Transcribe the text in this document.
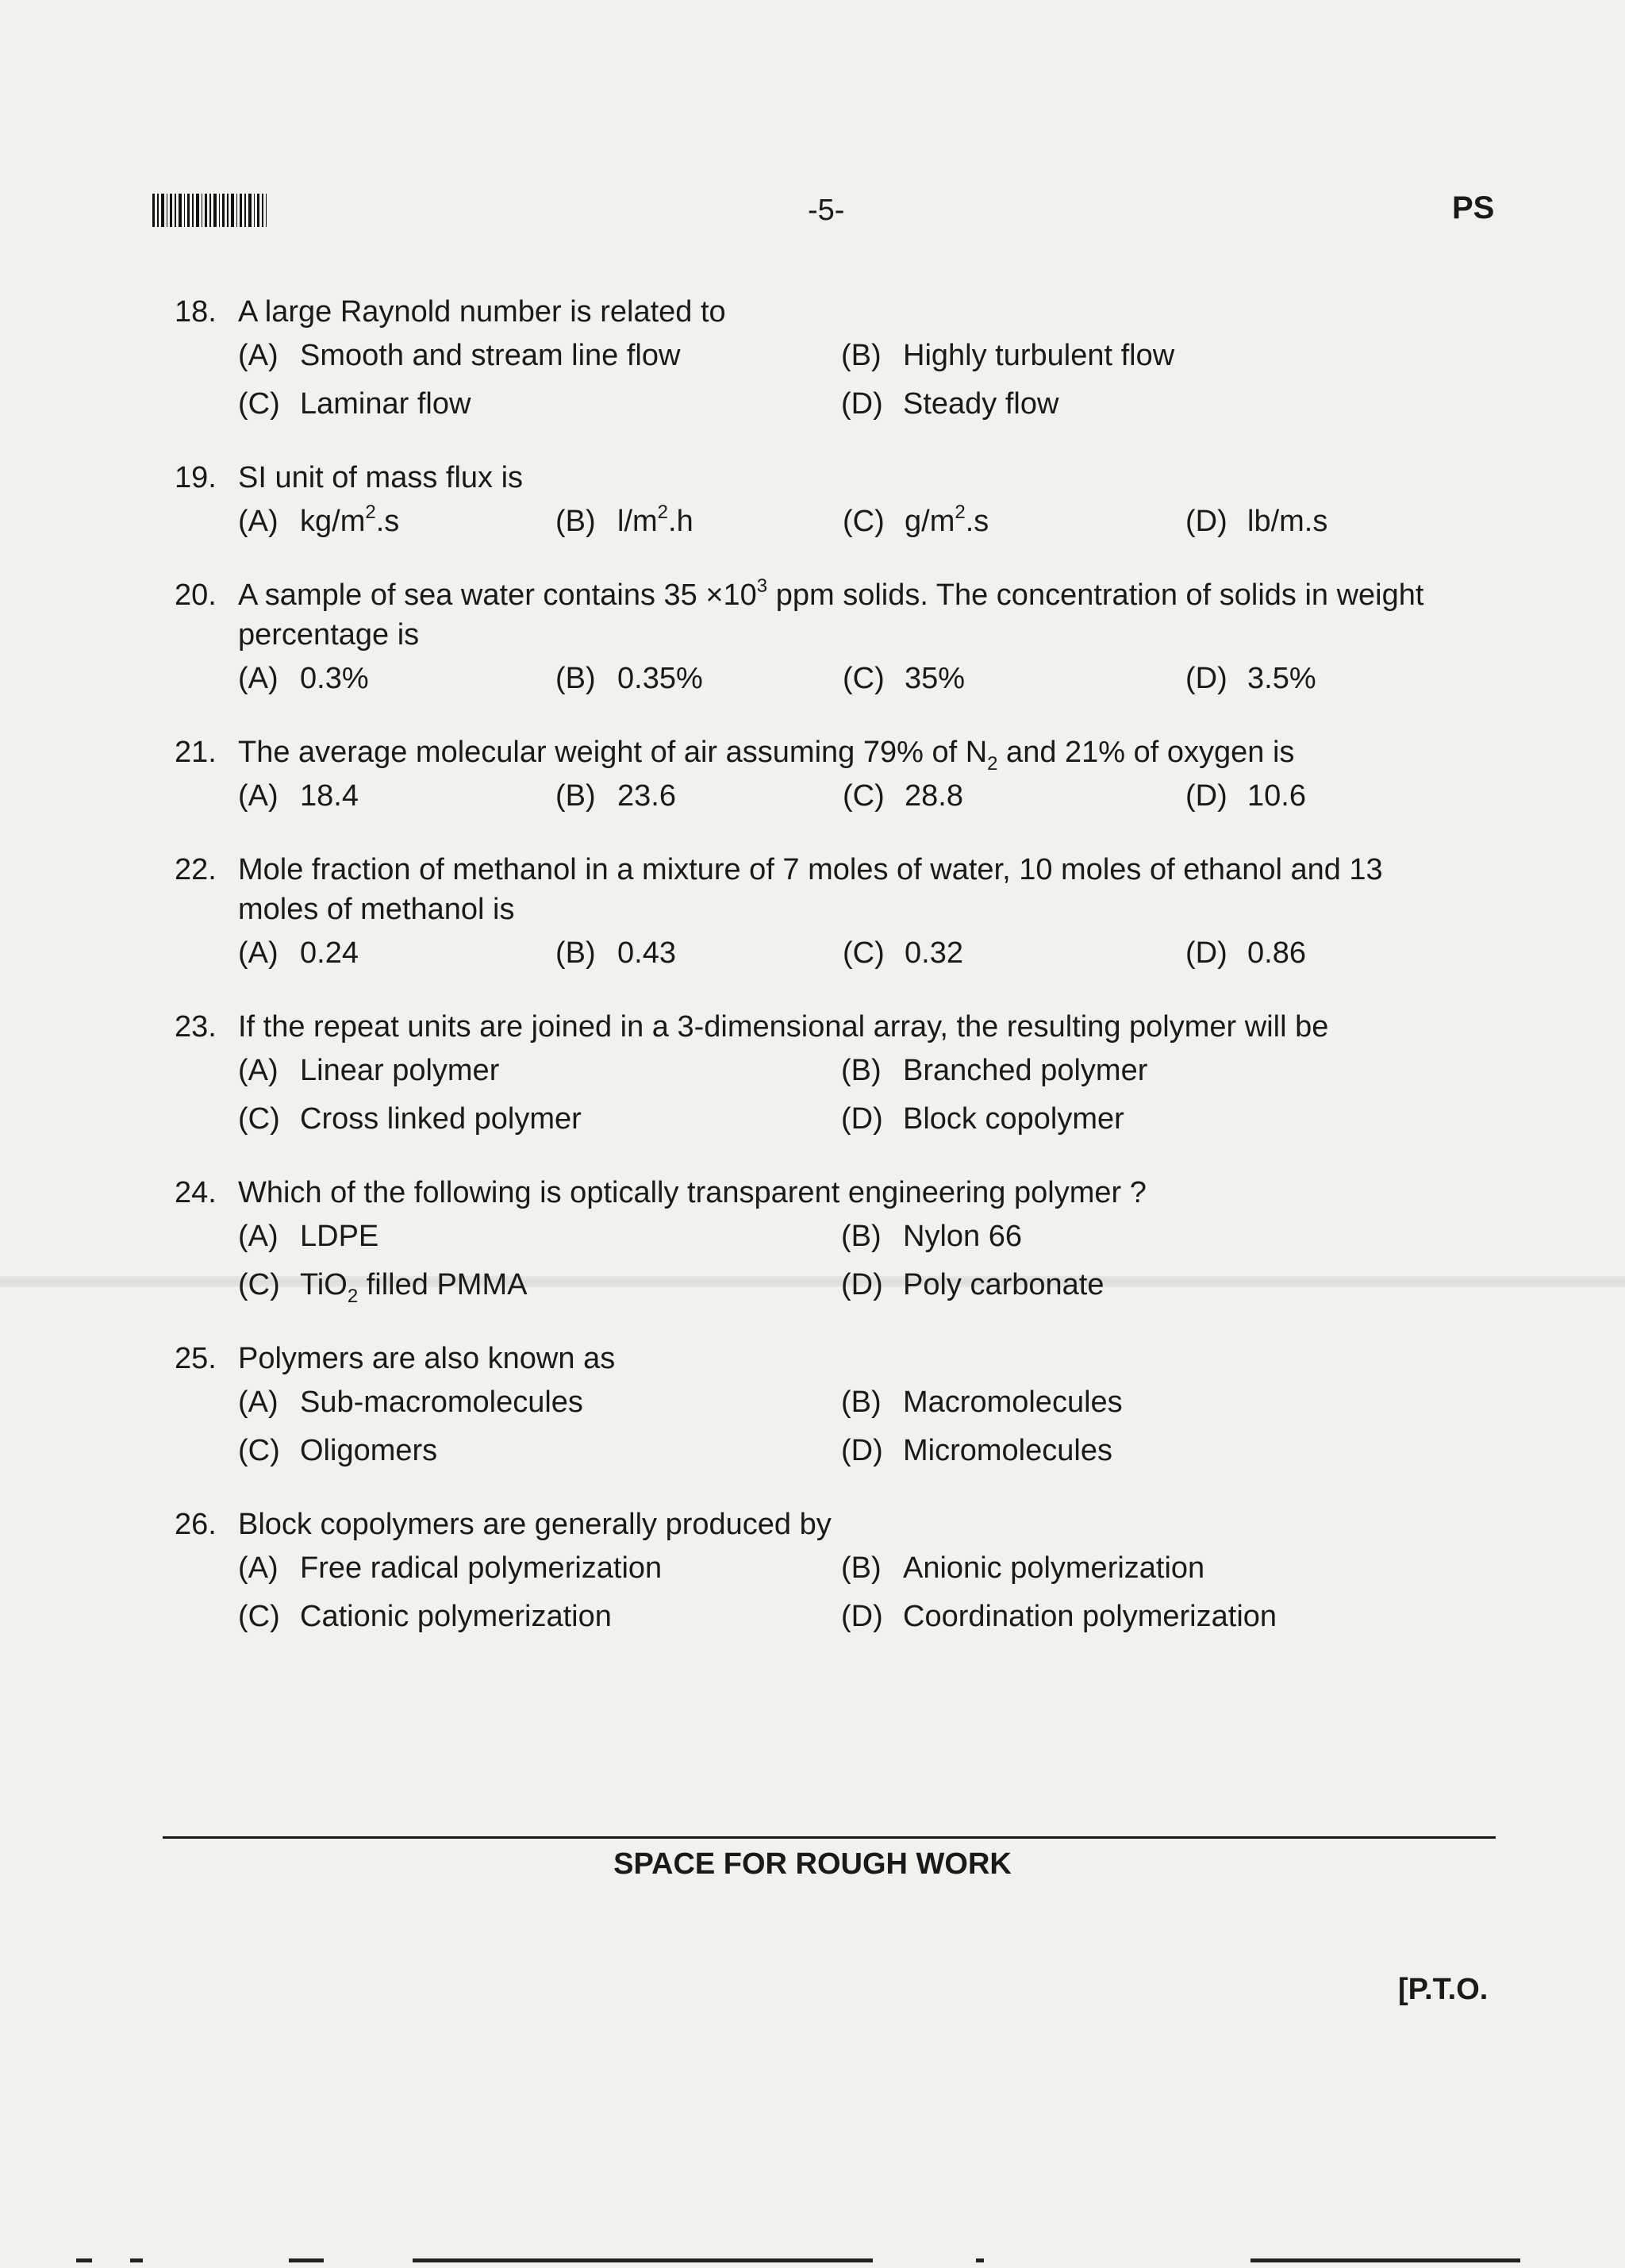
-5-	PS
18. A large Raynold number is related to
(A) Smooth and stream line flow	(B) Highly turbulent flow
(C) Laminar flow	(D) Steady flow
19. SI unit of mass flux is
(A) $kg/m^2.s$	(B) $l/m^2.h$	(C) $g/m^2.s$	(D) lb/m.s
20. A sample of sea water contains $35 \times 10^3$ ppm solids. The concentration of solids in weight percentage is
(A) 0.3%	(B) 0.35%	(C) 35%	(D) 3.5%
21. The average molecular weight of air assuming 79% of $N_2$ and 21% of oxygen is
(A) 18.4	(B) 23.6	(C) 28.8	(D) 10.6
22. Mole fraction of methanol in a mixture of 7 moles of water, 10 moles of ethanol and 13 moles of methanol is
(A) 0.24	(B) 0.43	(C) 0.32	(D) 0.86
23. If the repeat units are joined in a 3-dimensional array, the resulting polymer will be
(A) Linear polymer	(B) Branched polymer
(C) Cross linked polymer	(D) Block copolymer
24. Which of the following is optically transparent engineering polymer ?
(A) LDPE	(B) Nylon 66
(C) TiO$_2$ filled PMMA	(D) Poly carbonate
25. Polymers are also known as
(A) Sub-macromolecules	(B) Macromolecules
(C) Oligomers	(D) Micromolecules
26. Block copolymers are generally produced by
(A) Free radical polymerization	(B) Anionic polymerization
(C) Cationic polymerization	(D) Coordination polymerization
SPACE FOR ROUGH WORK
[P.T.O.
